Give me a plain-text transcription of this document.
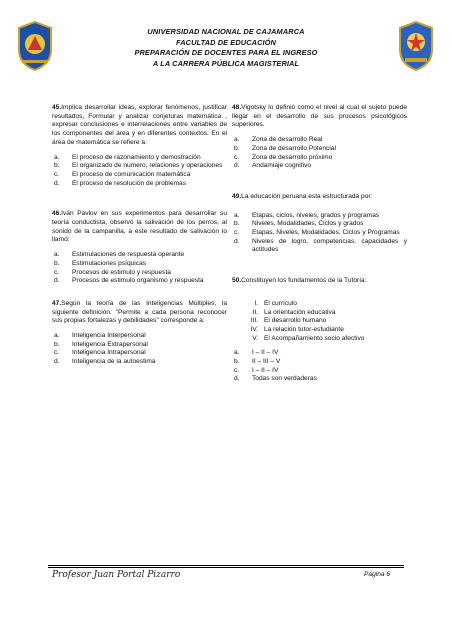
UNIVERSIDAD NACIONAL DE CAJAMARCA
FACULTAD DE EDUCACIÓN
PREPARACIÓN DE DOCENTES PARA EL INGRESO
A LA CARRERA PÚBLICA MAGISTERIAL

45.Implica desarrollar ideas, explorar fenómenos, justificar resultados, Formular y analizar conjeturas matemática , expresar conclusiones e interrelaciones entre variables de los componentes del área y en diferentes contextos. En el área de matemática se refiere a:

a. El proceso de razonamiento y demostración
b. El organizado de numero, relaciones y operaciones
c. El proceso de comunicación matemática
d. El proceso de resolución de problemas

46.Iván Pavlov en sus experimentos para desarrollar su teoría conductista, observó la salivación de los perros, al sonido de la campanilla, a este resultado de salivación lo llamó:

a. Estimulaciones de respuesta operante
b. Estimulaciones psíquicas
c. Procesos de estimulo y respuesta
d. Procesos de estimulo organismo y respuesta

47.Según la teoría de las Inteligencias Múltiples, la siguiente definición: "Permite a cada persona reconocer sus propias fortalezas y debilidades" corresponde a:

a. Inteligencia Interpersonal
b. Inteligencia Extrapersonal
c. Inteligencia Intrapersonal
d. Inteligencia de la autoestima

48.Vigotsky lo definió como el nivel al cual el sujeto puede llegar en el desarrollo de sus procesos psicológicos superiores.

a. Zona de desarrollo Real
b. Zona de desarrollo Potencial
c. Zona de desarrollo próximo
d. Andamiaje cognitivo

49.La educación peruana esta estructurada por:

a. Etapas, ciclos, niveles, grados y programas
b. Niveles, Modalidades, Ciclos y grados
c. Etapas, Niveles, Modalidades, Ciclos y Programas
d. Niveles de logro, competencias, capacidades y actitudes

50.Constituyen los fundamentos de la Tutoría:

I. El currículo
II. La orientación educativa
III. El desarrollo humano
IV. La relación tutor-estudiante
V. El Acompañamiento socio afectivo
a. I – II – IV
b. II – III – V
c. I – II – IV
d. Todas son verdaderas
Profesor Juan Portal Pizarro	Página 6
